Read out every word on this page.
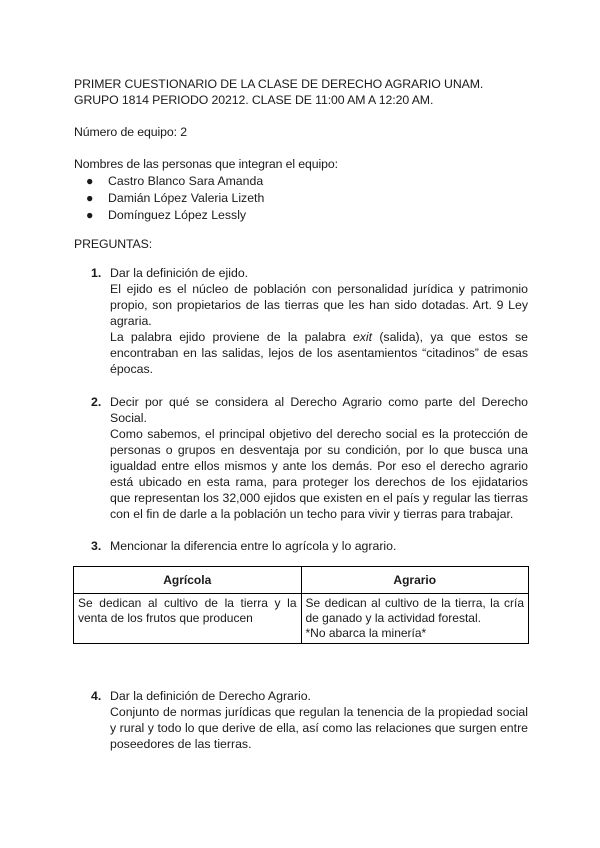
PRIMER CUESTIONARIO DE LA CLASE DE DERECHO AGRARIO UNAM.
GRUPO 1814 PERIODO 20212. CLASE DE 11:00 AM A 12:20 AM.
Número de equipo: 2
Nombres de las personas que integran el equipo:
● Castro Blanco Sara Amanda
● Damián López Valeria Lizeth
● Domínguez López Lessly
PREGUNTAS:
1. Dar la definición de ejido.

El ejido es el núcleo de población con personalidad jurídica y patrimonio propio, son propietarios de las tierras que les han sido dotadas. Art. 9 Ley agraria.

La palabra ejido proviene de la palabra exit (salida), ya que estos se encontraban en las salidas, lejos de los asentamientos “citadinos” de esas épocas.

2. Decir por qué se considera al Derecho Agrario como parte del Derecho Social.

Como sabemos, el principal objetivo del derecho social es la protección de personas o grupos en desventaja por su condición, por lo que busca una igualdad entre ellos mismos y ante los demás. Por eso el derecho agrario está ubicado en esta rama, para proteger los derechos de los ejidatarios que representan los 32,000 ejidos que existen en el país y regular las tierras con el fin de darle a la población un techo para vivir y tierras para trabajar.

3. Mencionar la diferencia entre lo agrícola y lo agrario.

Agrícola	Agrario
Se dedican al cultivo de la tierra y la venta de los frutos que producen	Se dedican al cultivo de la tierra, la cría de ganado y la actividad forestal.
*No abarca la minería*
4. Dar la definición de Derecho Agrario.

Conjunto de normas jurídicas que regulan la tenencia de la propiedad social y rural y todo lo que derive de ella, así como las relaciones que surgen entre poseedores de las tierras.
